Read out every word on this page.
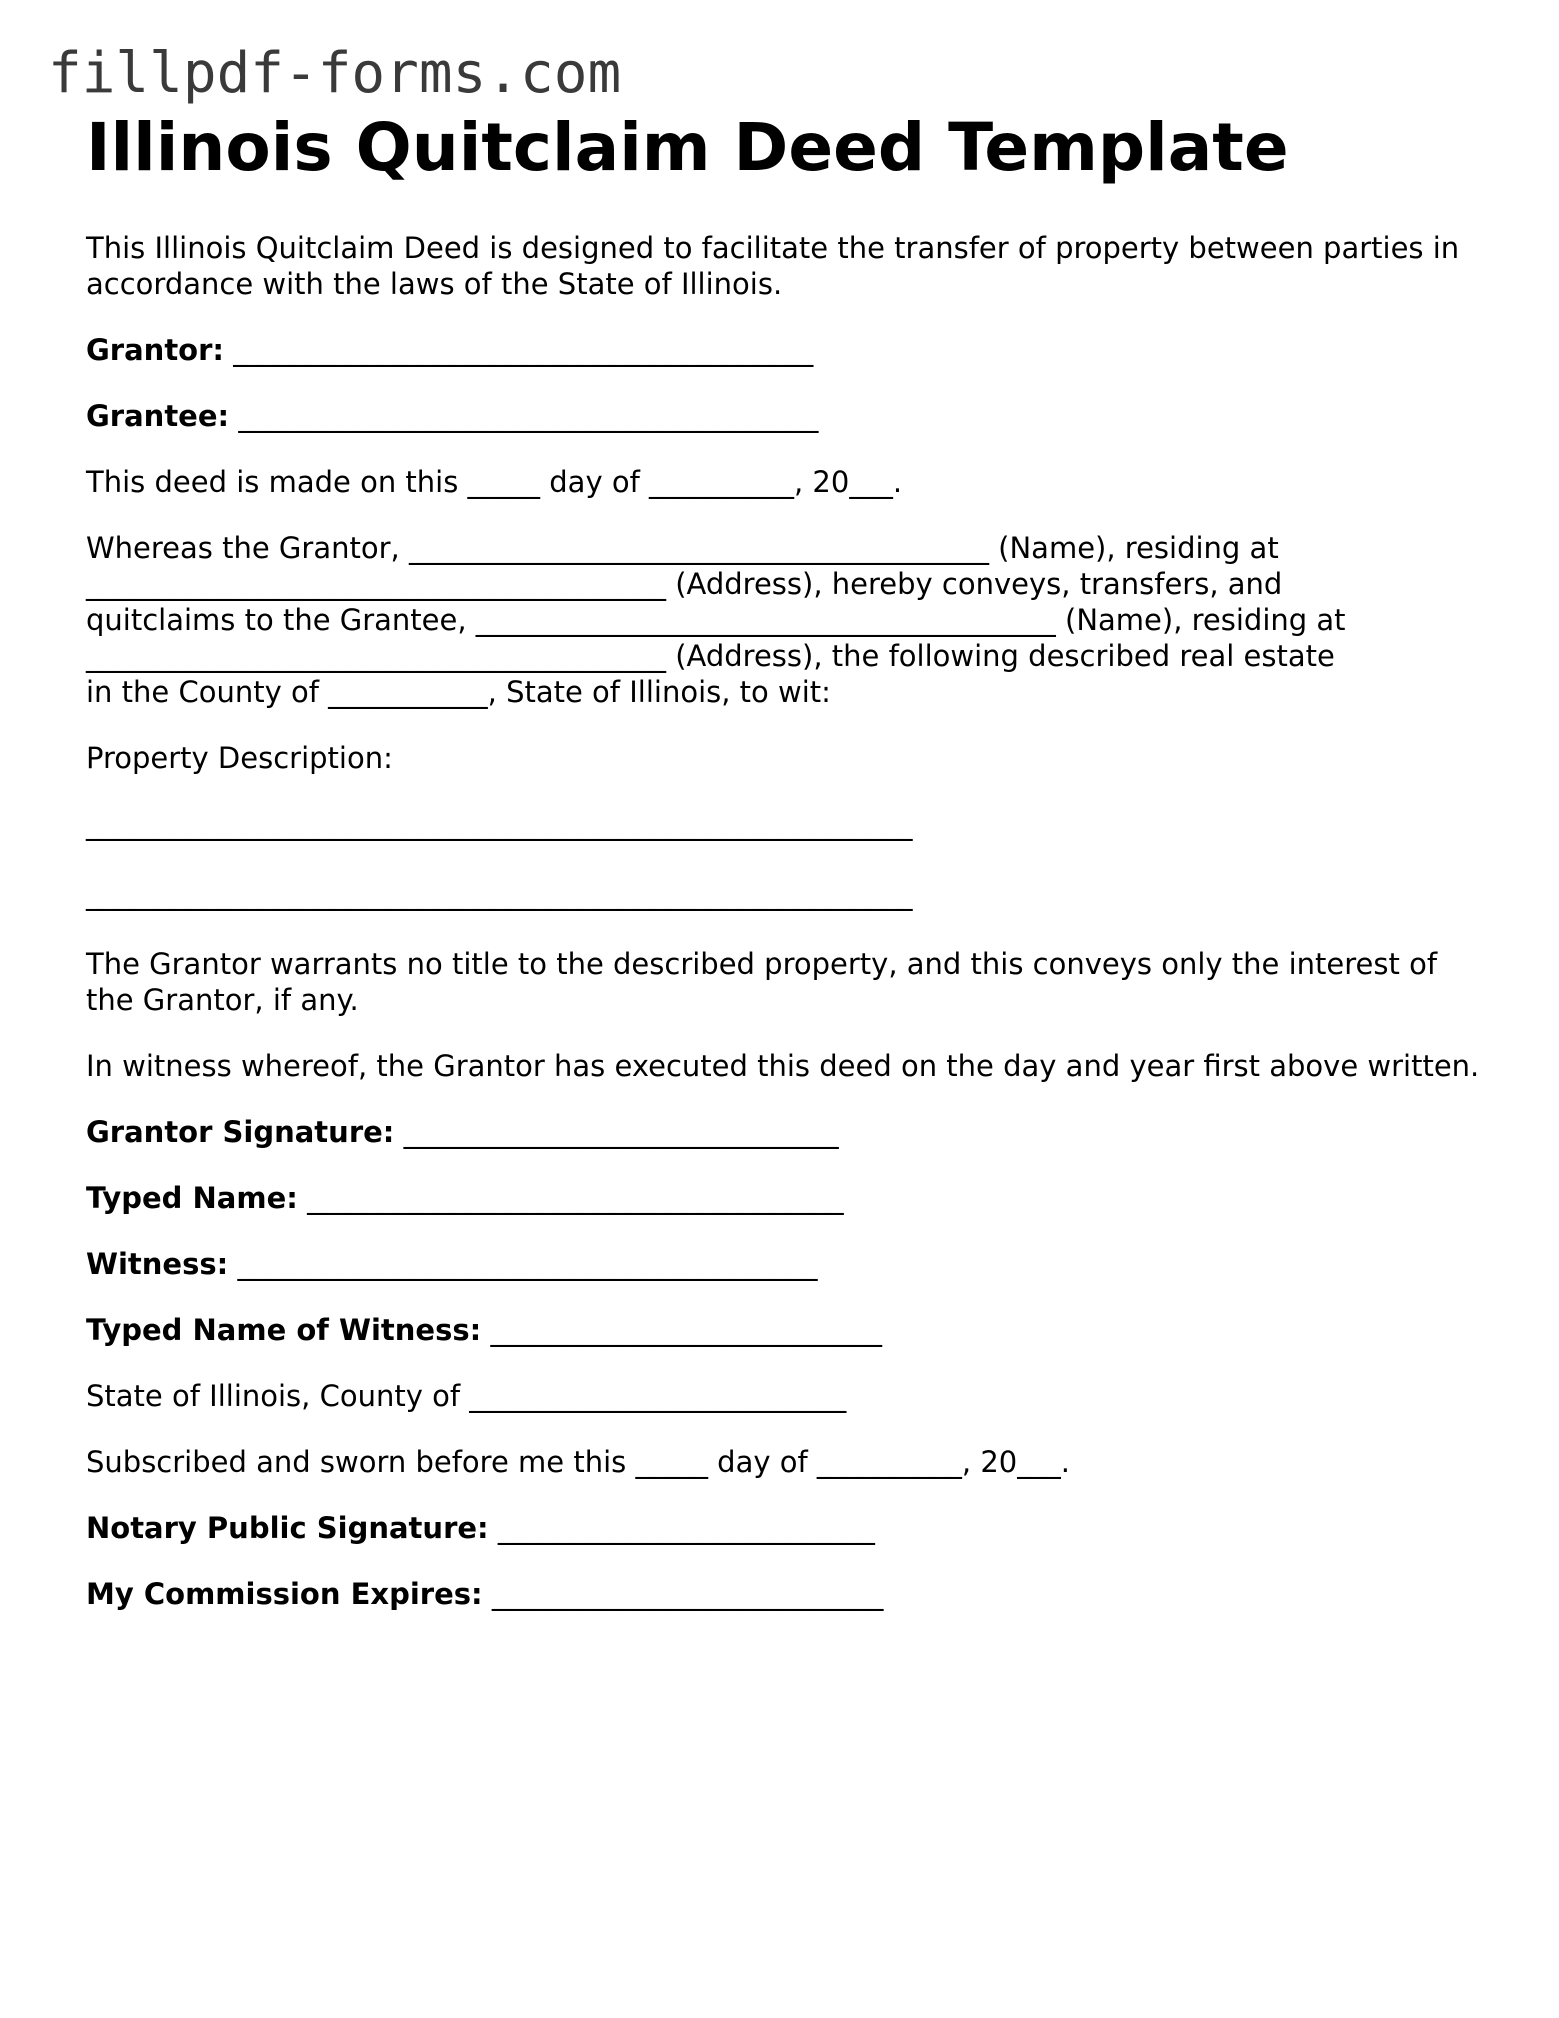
fillpdf-forms.com
Illinois Quitclaim Deed Template

This Illinois Quitclaim Deed is designed to facilitate the transfer of property between parties in accordance with the laws of the State of Illinois.

Grantor: ________________________________________

Grantee: ________________________________________

This deed is made on this _____ day of __________, 20___.

Whereas the Grantor, ________________________________________ (Name), residing at
________________________________________ (Address), hereby conveys, transfers, and
quitclaims to the Grantee, ________________________________________ (Name), residing at
________________________________________ (Address), the following described real estate
in the County of ___________, State of Illinois, to wit:

Property Description:

_________________________________________________________
_________________________________________________________

The Grantor warrants no title to the described property, and this conveys only the interest of the Grantor, if any.

In witness whereof, the Grantor has executed this deed on the day and year first above written.

Grantor Signature: ______________________________

Typed Name: _____________________________________

Witness: ________________________________________

Typed Name of Witness: ___________________________

State of Illinois, County of __________________________

Subscribed and sworn before me this _____ day of __________, 20___.

Notary Public Signature: __________________________

My Commission Expires: ___________________________
